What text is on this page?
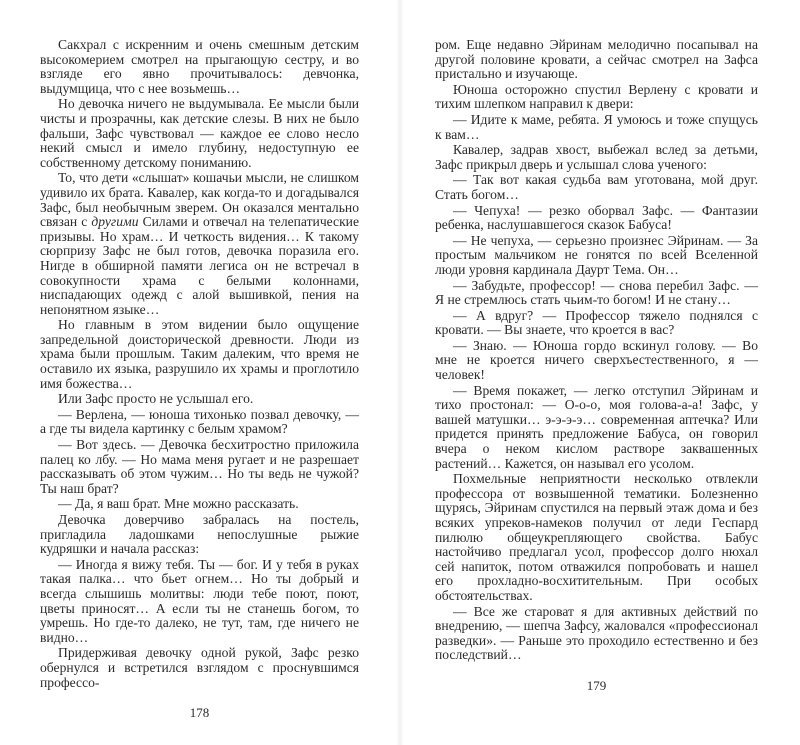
Сакхрал с искренним и очень смешным детским высокомерием смотрел на прыгающую сестру, и во взгляде его явно прочитывалось: девчонка, выдумщица, что с нее возьмешь…

Но девочка ничего не выдумывала. Ее мысли были чисты и прозрачны, как детские слезы. В них не было фальши, Зафс чувствовал — каждое ее слово несло некий смысл и имело глубину, недоступную ее собственному детскому пониманию.

То, что дети «слышат» кошачьи мысли, не слишком удивило их брата. Кавалер, как когда-то и догадывался Зафс, был необычным зверем. Он оказался ментально связан с другими Силами и отвечал на телепатические призывы. Но храм… И четкость видения… К такому сюрпризу Зафс не был готов, девочка поразила его. Нигде в обширной памяти легиса он не встречал в совокупности храма с белыми колоннами, ниспадающих одежд с алой вышивкой, пения на непонятном языке…

Но главным в этом видении было ощущение запредельной доисторической древности. Люди из храма были прошлым. Таким далеким, что время не оставило их языка, разрушило их храмы и проглотило имя божества…

Или Зафс просто не услышал его.

— Верлена, — юноша тихонько позвал девочку, — а где ты видела картинку с белым храмом?

— Вот здесь. — Девочка бесхитростно приложила палец ко лбу. — Но мама меня ругает и не разрешает рассказывать об этом чужим… Но ты ведь не чужой? Ты наш брат?

— Да, я ваш брат. Мне можно рассказать.

Девочка доверчиво забралась на постель, пригладила ладошками непослушные рыжие кудряшки и начала рассказ:

— Иногда я вижу тебя. Ты — бог. И у тебя в руках такая палка… что бьет огнем… Но ты добрый и всегда слышишь молитвы: люди тебе поют, поют, цветы приносят… А если ты не станешь богом, то умрешь. Но где-то далеко, не тут, там, где ничего не видно…

Придерживая девочку одной рукой, Зафс резко обернулся и встретился взглядом с проснувшимся профессо-

178

ром. Еще недавно Эйринам мелодично посапывал на другой половине кровати, а сейчас смотрел на Зафса пристально и изучающе.

Юноша осторожно спустил Верлену с кровати и тихим шлепком направил к двери:

— Идите к маме, ребята. Я умоюсь и тоже спущусь к вам…

Кавалер, задрав хвост, выбежал вслед за детьми, Зафс прикрыл дверь и услышал слова ученого:

— Так вот какая судьба вам уготована, мой друг. Стать богом…

— Чепуха! — резко оборвал Зафс. — Фантазии ребенка, наслушавшегося сказок Бабуса!

— Не чепуха, — серьезно произнес Эйринам. — За простым мальчиком не гонятся по всей Вселенной люди уровня кардинала Даурт Тема. Он…

— Забудьте, профессор! — снова перебил Зафс. — Я не стремлюсь стать чьим-то богом! И не стану…

— А вдруг? — Профессор тяжело поднялся с кровати. — Вы знаете, что кроется в вас?

— Знаю. — Юноша гордо вскинул голову. — Во мне не кроется ничего сверхъестественного, я — человек!

— Время покажет, — легко отступил Эйринам и тихо простонал: — О-о-о, моя голова-а-а! Зафс, у вашей матушки… э-э-э-э… современная аптечка? Или придется принять предложение Бабуса, он говорил вчера о неком кислом растворе заквашенных растений… Кажется, он называл его усолом.

Похмельные неприятности несколько отвлекли профессора от возвышенной тематики. Болезненно щурясь, Эйринам спустился на первый этаж дома и без всяких упреков-намеков получил от леди Геспард пилюлю общеукрепляющего свойства. Бабус настойчиво предлагал усол, профессор долго нюхал сей напиток, потом отважился попробовать и нашел его прохладно-восхитительным. При особых обстоятельствах.

— Все же староват я для активных действий по внедрению, — шепча Зафсу, жаловался «профессионал разведки». — Раньше это проходило естественно и без последствий…

179
